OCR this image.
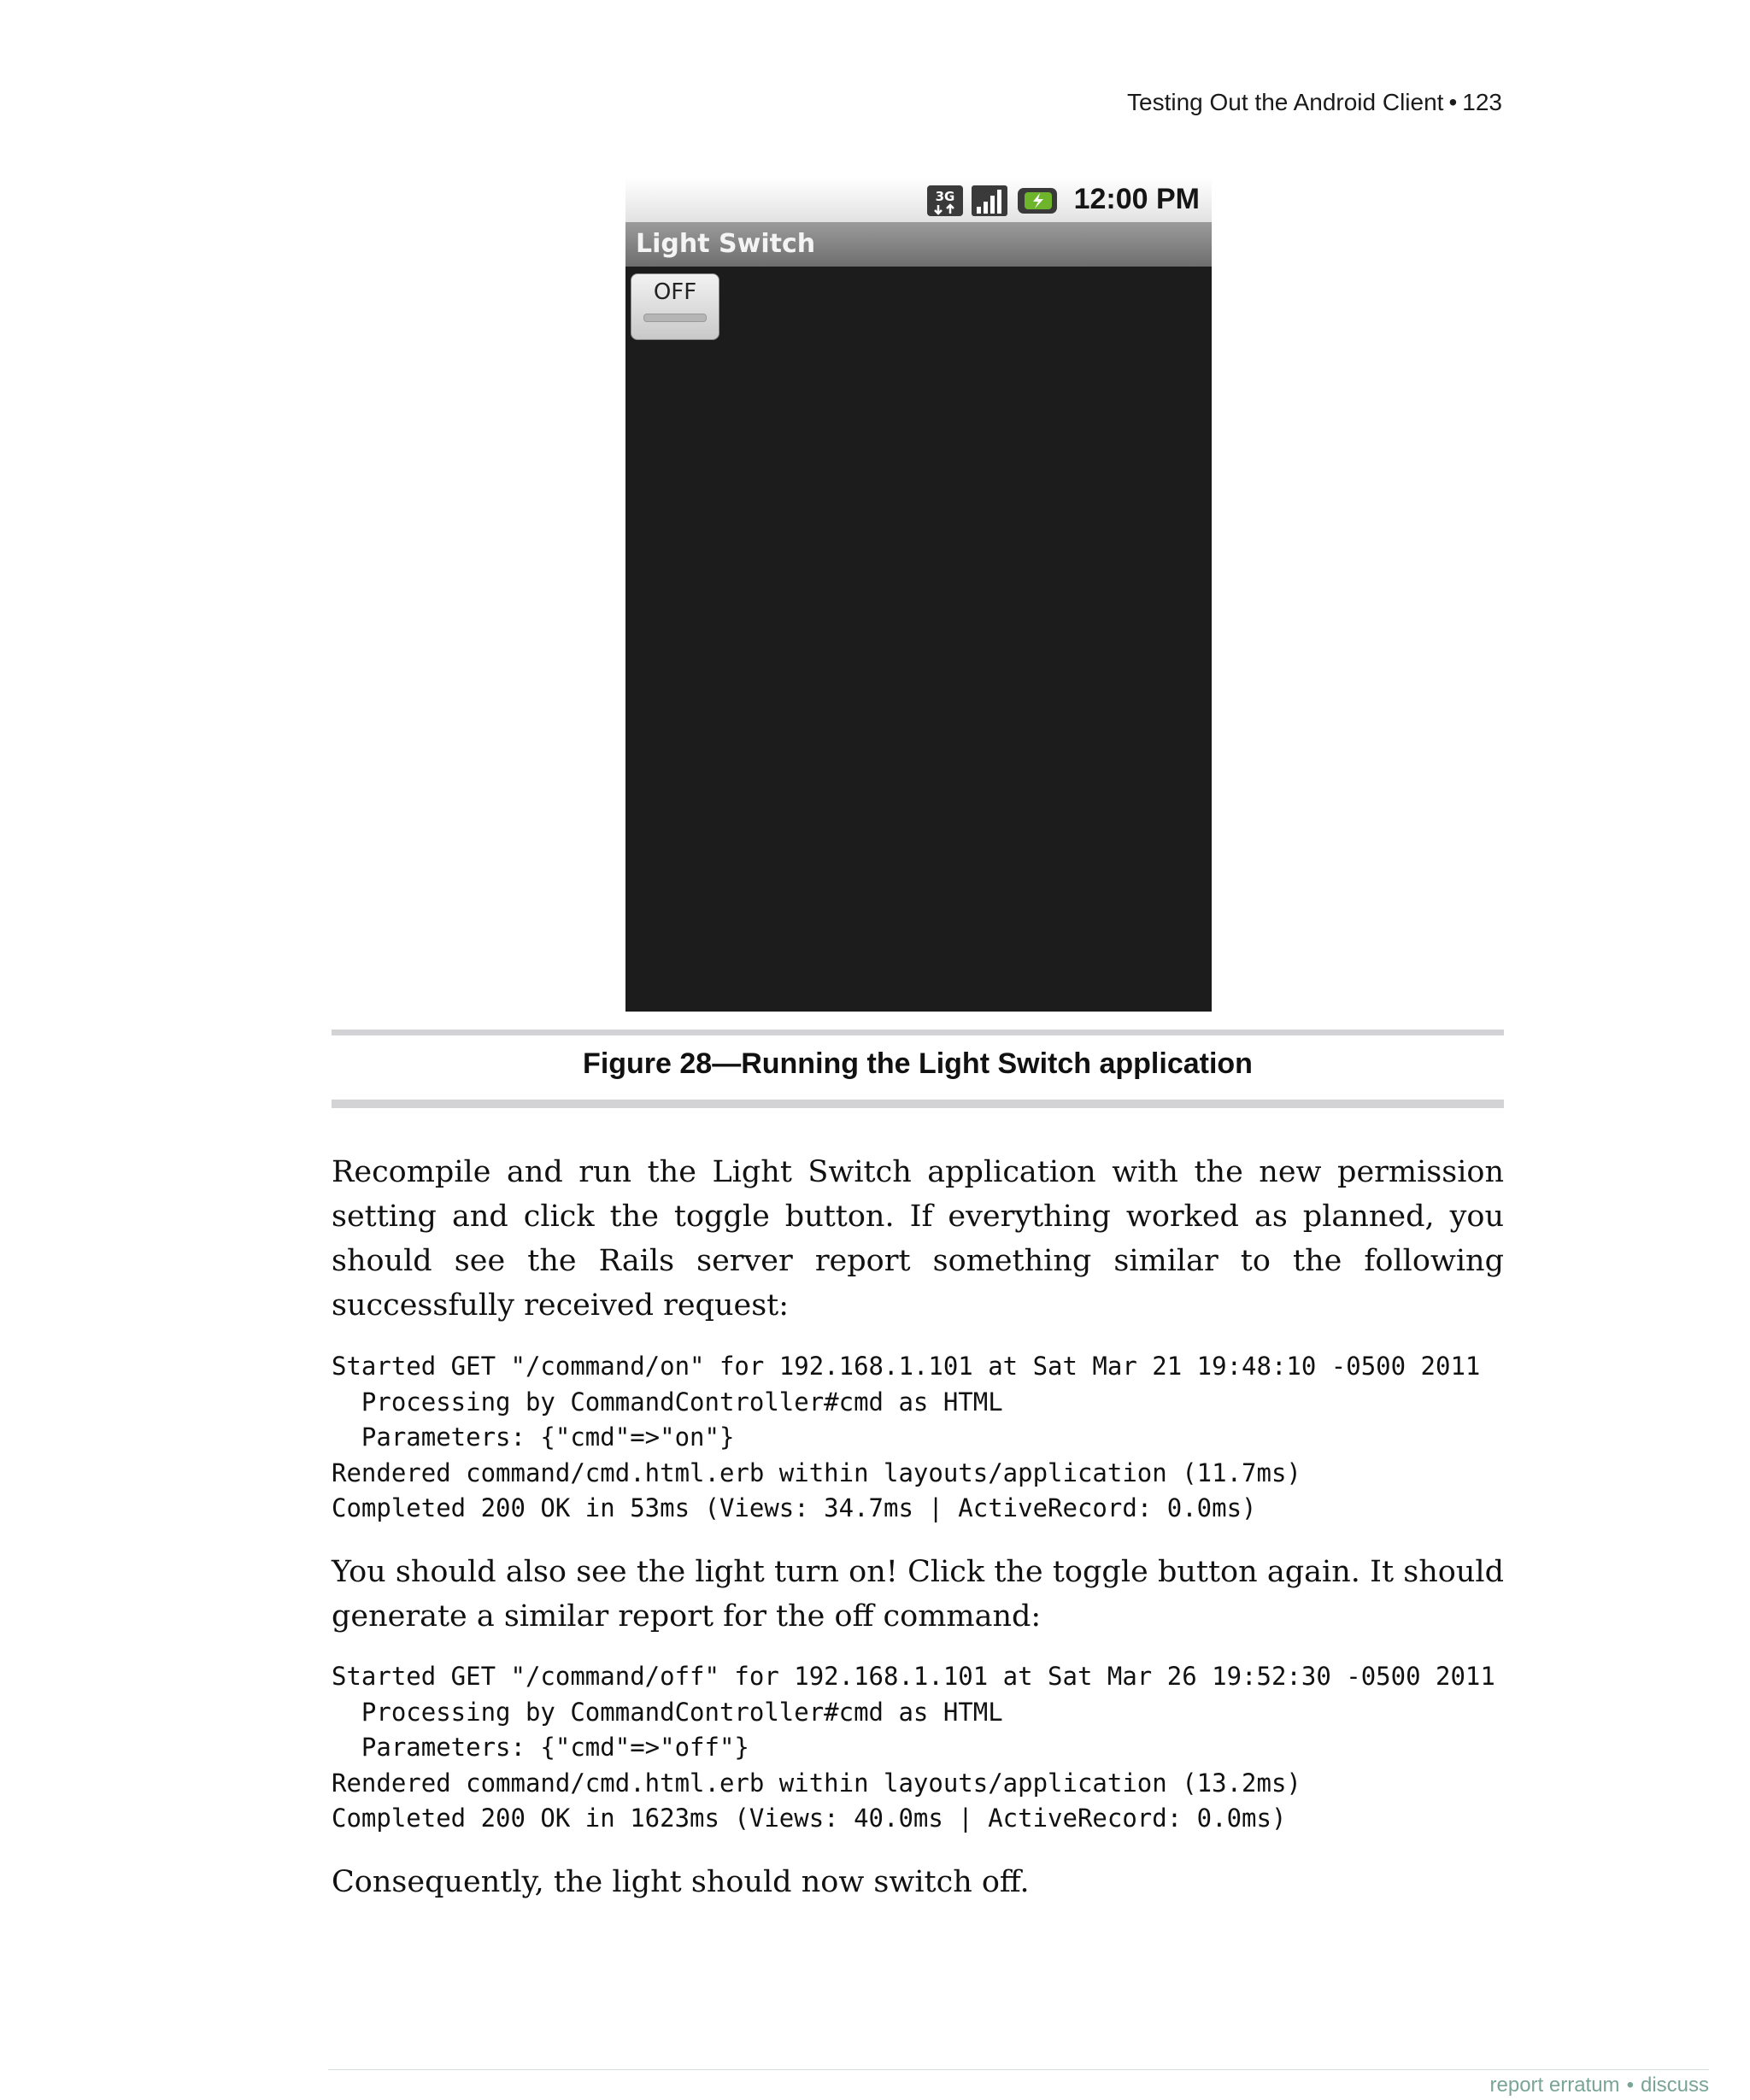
Testing Out the Android Client • 123
3G	12:00 PM
Light Switch
OFF
Figure 28—Running the Light Switch application

Recompile and run the Light Switch application with the new permission setting and click the toggle button. If everything worked as planned, you should see the Rails server report something similar to the following successfully received request:

Started GET "/command/on" for 192.168.1.101 at Sat Mar 21 19:48:10 -0500 2011
Processing by CommandController#cmd as HTML
Parameters: {"cmd"=>"on"}
Rendered command/cmd.html.erb within layouts/application (11.7ms)
Completed 200 OK in 53ms (Views: 34.7ms | ActiveRecord: 0.0ms)

You should also see the light turn on! Click the toggle button again. It should generate a similar report for the off command:

Started GET "/command/off" for 192.168.1.101 at Sat Mar 26 19:52:30 -0500 2011
Processing by CommandController#cmd as HTML
Parameters: {"cmd"=>"off"}
Rendered command/cmd.html.erb within layouts/application (13.2ms)
Completed 200 OK in 1623ms (Views: 40.0ms | ActiveRecord: 0.0ms)

Consequently, the light should now switch off.

report erratum • discuss
